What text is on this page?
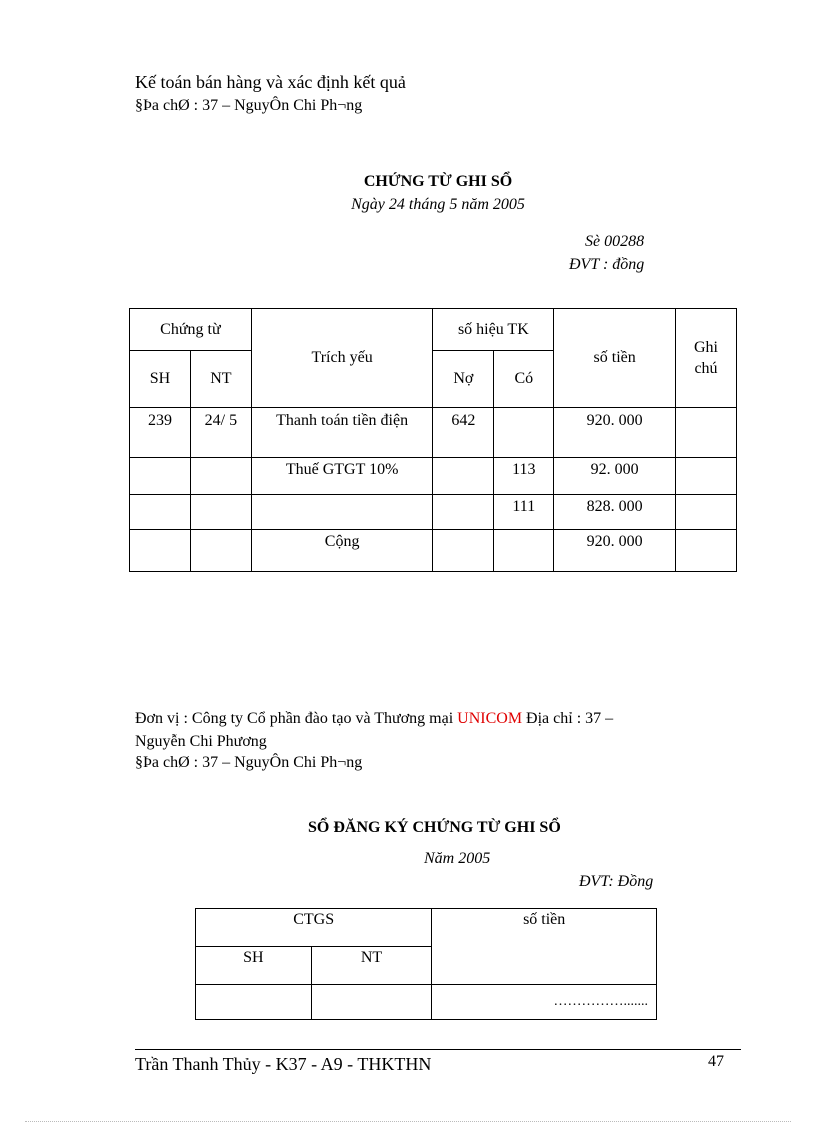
Kế toán bán hàng và xác định kết quả
§Þa chØ : 37 – NguyÔn Chi Ph¬ng
CHỨNG TỪ GHI SỔ
Ngày 24 tháng 5 năm 2005
Sè 00288
ĐVT : đồng
Chứng từ		Trích yếu	số hiệu TK		số tiền	Ghi chú
SH	NT		Nợ	Có		
239	24/ 5	Thanh toán tiền điện	642		920. 000	
		Thuế GTGT 10%		113	92. 000	
				111	828. 000	
		Cộng			920. 000	
Đơn vị : Công ty Cổ phần đào tạo và Thương mại UNICOM Địa chỉ : 37 –
Nguyễn Chi Phương
§Þa chØ : 37 – NguyÔn Chi Ph¬ng
SỔ ĐĂNG KÝ CHỨNG TỪ GHI SỔ
Năm 2005
ĐVT: Đồng
CTGS		số tiền
SH	NT	
		…………….......
Trần Thanh Thủy - K37 - A9 - THKTHN	47
